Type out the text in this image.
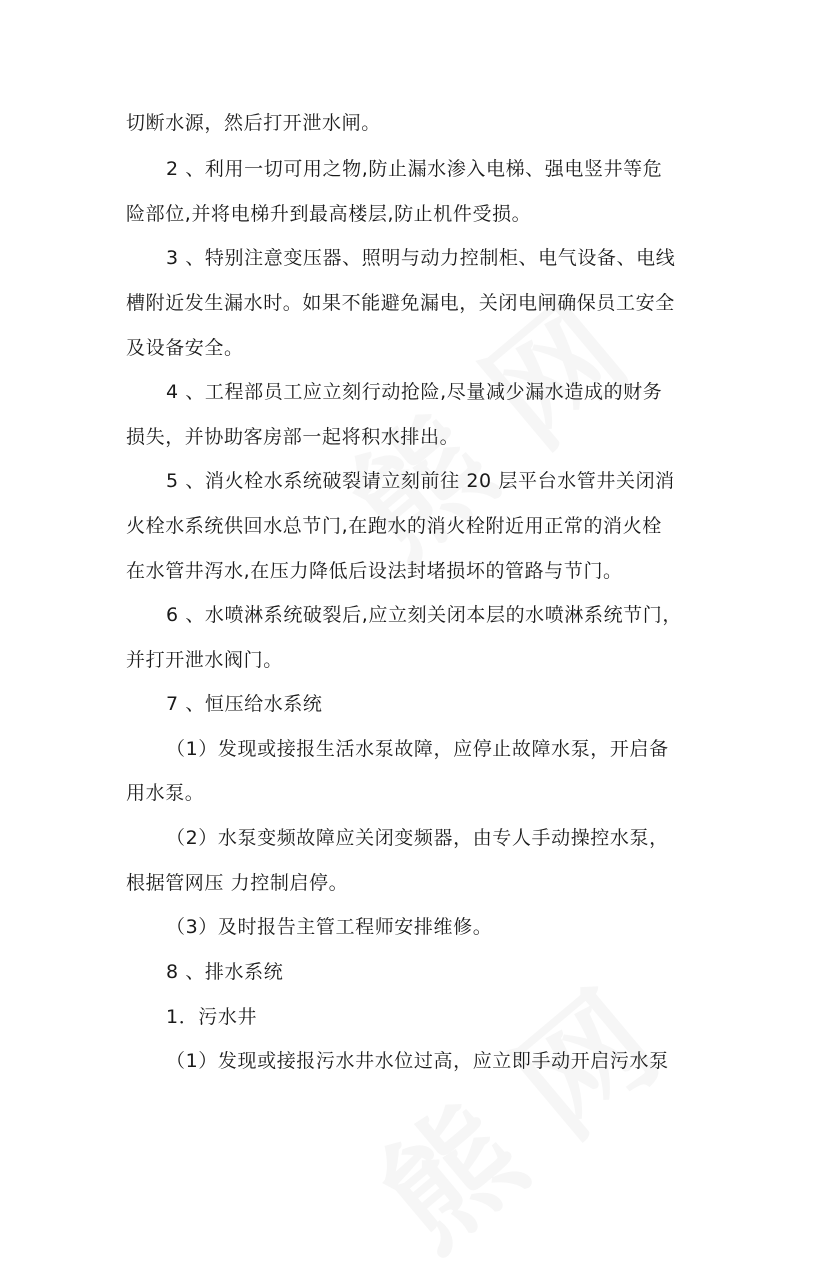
切断水源，然后打开泄水闸。
2 、利用一切可用之物,防止漏水渗入电梯、强电竖井等危
险部位,并将电梯升到最高楼层,防止机件受损。
3 、特别注意变压器、照明与动力控制柜、电气设备、电线
槽附近发生漏水时。如果不能避免漏电，关闭电闸确保员工安全
及设备安全。
4 、工程部员工应立刻行动抢险,尽量减少漏水造成的财务
损失，并协助客房部一起将积水排出。
5 、消火栓水系统破裂请立刻前往 20 层平台水管井关闭消
火栓水系统供回水总节门,在跑水的消火栓附近用正常的消火栓
在水管井泻水,在压力降低后设法封堵损坏的管路与节门。
6 、水喷淋系统破裂后,应立刻关闭本层的水喷淋系统节门，
并打开泄水阀门。
7 、恒压给水系统
（1）发现或接报生活水泵故障，应停止故障水泵，开启备
用水泵。
（2）水泵变频故障应关闭变频器，由专人手动操控水泵，
根据管网压 力控制启停。
（3）及时报告主管工程师安排维修。
8 、排水系统
1．污水井
（1）发现或接报污水井水位过高，应立即手动开启污水泵
